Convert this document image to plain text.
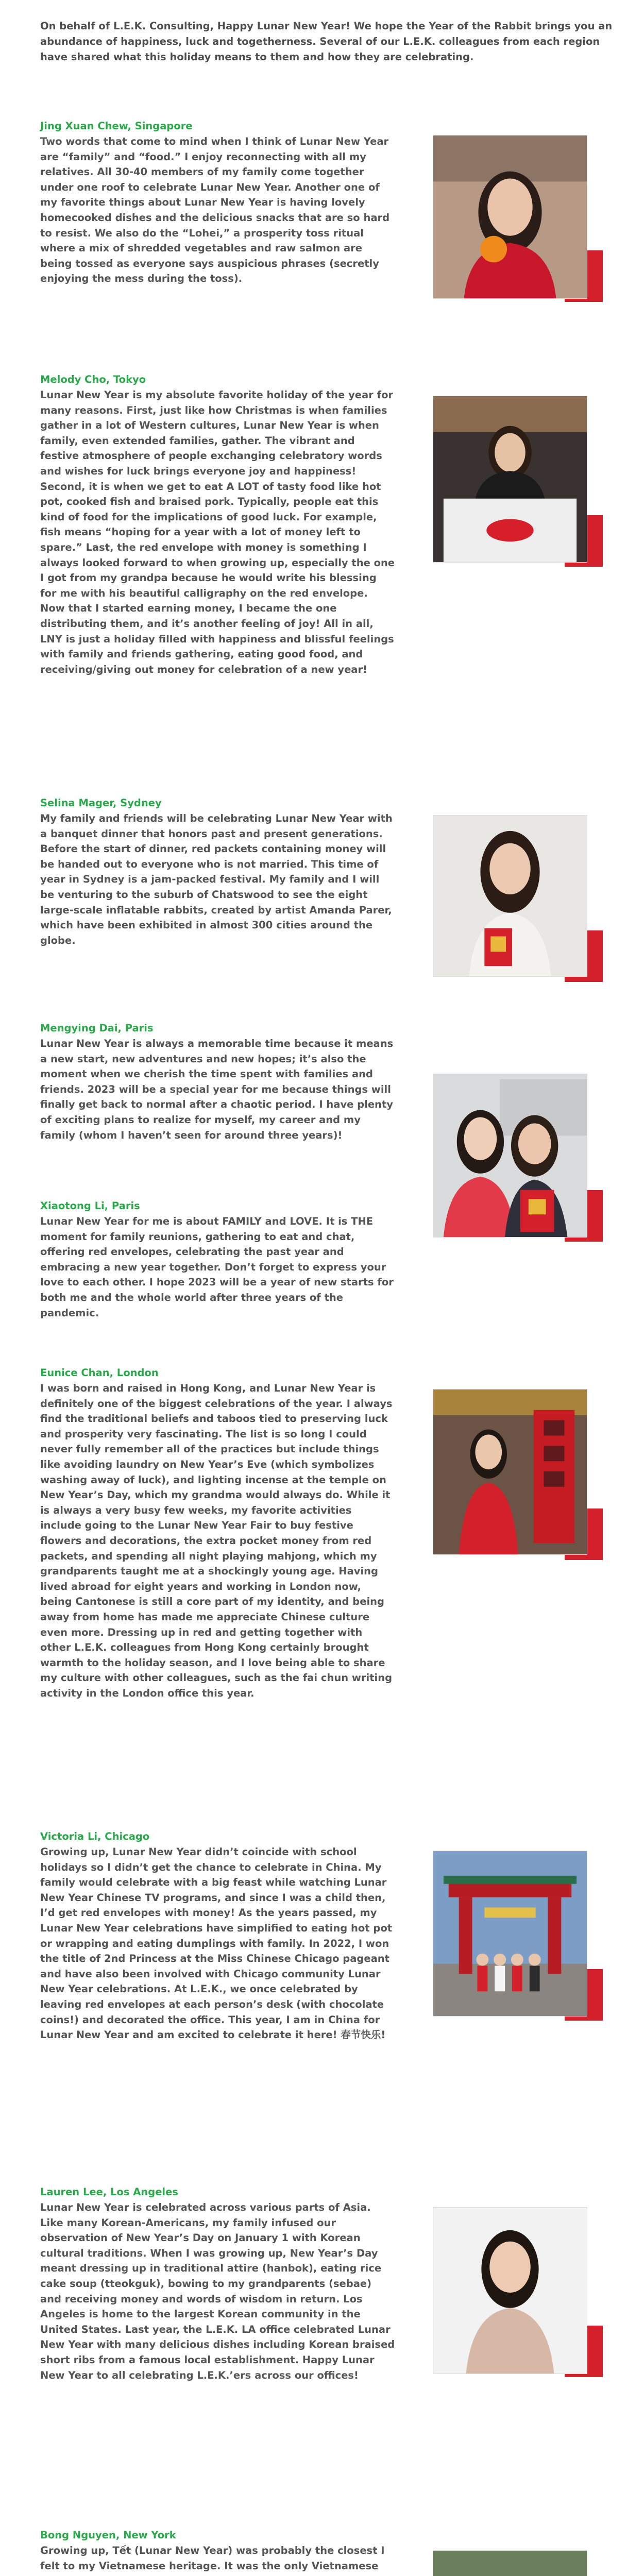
On behalf of L.E.K. Consulting, Happy Lunar New Year! We hope the Year of the Rabbit brings you an abundance of happiness, luck and togetherness. Several of our L.E.K. colleagues from each region have shared what this holiday means to them and how they are celebrating.

Jing Xuan Chew, Singapore

Two words that come to mind when I think of Lunar New Year are “family” and “food.” I enjoy reconnecting with all my relatives. All 30-40 members of my family come together under one roof to celebrate Lunar New Year. Another one of my favorite things about Lunar New Year is having lovely homecooked dishes and the delicious snacks that are so hard to resist. We also do the “Lohei,” a prosperity toss ritual where a mix of shredded vegetables and raw salmon are being tossed as everyone says auspicious phrases (secretly enjoying the mess during the toss).

Melody Cho, Tokyo

Lunar New Year is my absolute favorite holiday of the year for many reasons. First, just like how Christmas is when families gather in a lot of Western cultures, Lunar New Year is when family, even extended families, gather. The vibrant and festive atmosphere of people exchanging celebratory words and wishes for luck brings everyone joy and happiness! Second, it is when we get to eat A LOT of tasty food like hot pot, cooked fish and braised pork. Typically, people eat this kind of food for the implications of good luck. For example, fish means “hoping for a year with a lot of money left to spare.” Last, the red envelope with money is something I always looked forward to when growing up, especially the one I got from my grandpa because he would write his blessing for me with his beautiful calligraphy on the red envelope. Now that I started earning money, I became the one distributing them, and it’s another feeling of joy! All in all, LNY is just a holiday filled with happiness and blissful feelings with family and friends gathering, eating good food, and receiving/giving out money for celebration of a new year!

Selina Mager, Sydney

My family and friends will be celebrating Lunar New Year with a banquet dinner that honors past and present generations. Before the start of dinner, red packets containing money will be handed out to everyone who is not married. This time of year in Sydney is a jam-packed festival. My family and I will be venturing to the suburb of Chatswood to see the eight large-scale inflatable rabbits, created by artist Amanda Parer, which have been exhibited in almost 300 cities around the globe.

Mengying Dai, Paris

Lunar New Year is always a memorable time because it means a new start, new adventures and new hopes; it’s also the moment when we cherish the time spent with families and friends. 2023 will be a special year for me because things will finally get back to normal after a chaotic period. I have plenty of exciting plans to realize for myself, my career and my family (whom I haven’t seen for around three years)!

Xiaotong Li, Paris

Lunar New Year for me is about FAMILY and LOVE. It is THE moment for family reunions, gathering to eat and chat, offering red envelopes, celebrating the past year and embracing a new year together. Don’t forget to express your love to each other. I hope 2023 will be a year of new starts for both me and the whole world after three years of the pandemic.

Eunice Chan, London

I was born and raised in Hong Kong, and Lunar New Year is definitely one of the biggest celebrations of the year. I always find the traditional beliefs and taboos tied to preserving luck and prosperity very fascinating. The list is so long I could never fully remember all of the practices but include things like avoiding laundry on New Year’s Eve (which symbolizes washing away of luck), and lighting incense at the temple on New Year’s Day, which my grandma would always do. While it is always a very busy few weeks, my favorite activities include going to the Lunar New Year Fair to buy festive flowers and decorations, the extra pocket money from red packets, and spending all night playing mahjong, which my grandparents taught me at a shockingly young age. Having lived abroad for eight years and working in London now, being Cantonese is still a core part of my identity, and being away from home has made me appreciate Chinese culture even more. Dressing up in red and getting together with other L.E.K. colleagues from Hong Kong certainly brought warmth to the holiday season, and I love being able to share my culture with other colleagues, such as the fai chun writing activity in the London office this year.

Victoria Li, Chicago

Growing up, Lunar New Year didn’t coincide with school holidays so I didn’t get the chance to celebrate in China. My family would celebrate with a big feast while watching Lunar New Year Chinese TV programs, and since I was a child then, I’d get red envelopes with money! As the years passed, my Lunar New Year celebrations have simplified to eating hot pot or wrapping and eating dumplings with family. In 2022, I won the title of 2nd Princess at the Miss Chinese Chicago pageant and have also been involved with Chicago community Lunar New Year celebrations. At L.E.K., we once celebrated by leaving red envelopes at each person’s desk (with chocolate coins!) and decorated the office. This year, I am in China for Lunar New Year and am excited to celebrate it here! 春节快乐!

Lauren Lee, Los Angeles

Lunar New Year is celebrated across various parts of Asia. Like many Korean-Americans, my family infused our observation of New Year’s Day on January 1 with Korean cultural traditions. When I was growing up, New Year’s Day meant dressing up in traditional attire (hanbok), eating rice cake soup (tteokguk), bowing to my grandparents (sebae) and receiving money and words of wisdom in return. Los Angeles is home to the largest Korean community in the United States. Last year, the L.E.K. LA office celebrated Lunar New Year with many delicious dishes including Korean braised short ribs from a famous local establishment. Happy Lunar New Year to all celebrating L.E.K.’ers across our offices!

Bong Nguyen, New York

Growing up, Tết (Lunar New Year) was probably the closest I felt to my Vietnamese heritage. It was the only Vietnamese
